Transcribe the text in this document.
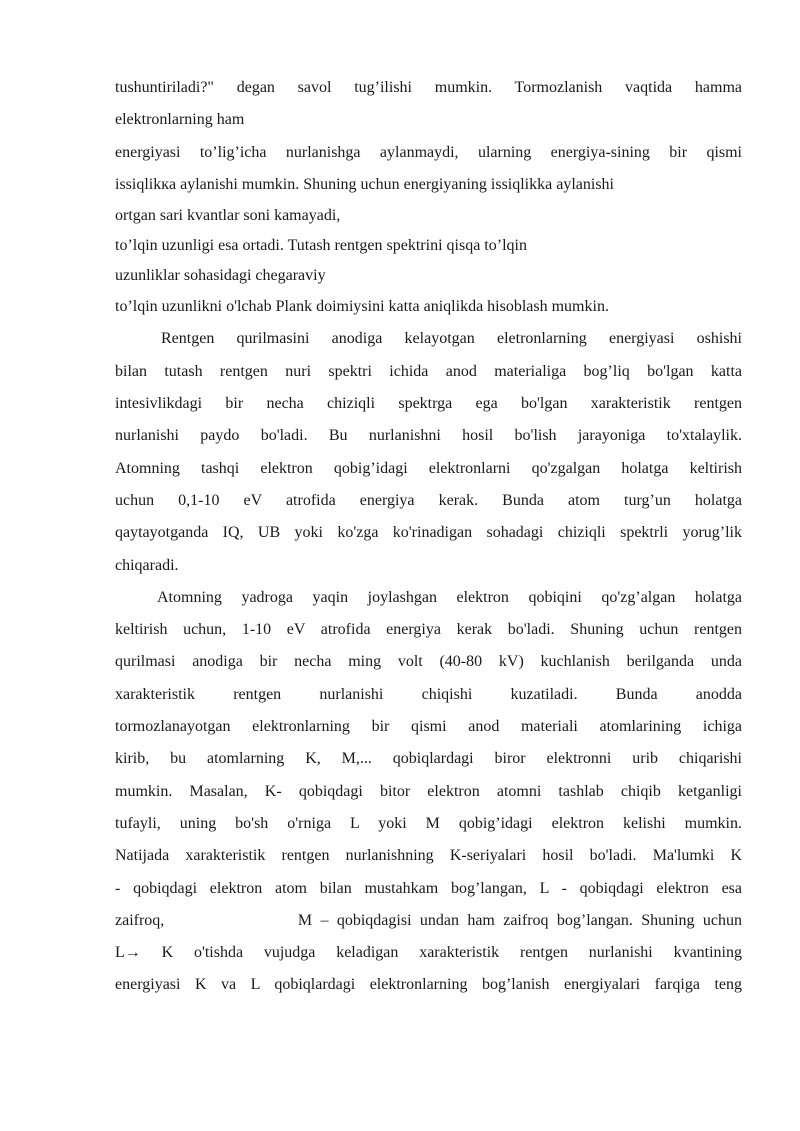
tushuntiriladi?" degan savol tug’ilishi mumkin. Tormozlanish vaqtida hamma
elektronlarning ham
energiyasi to’lig’icha nurlanishga aylanmaydi, ularning energiya-sining bir qismi
issiqlikкa aylanishi mumkin. Shuning uchun energiyaning issiqlikka aylanishi
ortgan sari kvantlar soni kamayadi,
to’lqin uzunligi esa ortadi. Tutash rentgen spektrini qisqa to’lqin
uzunliklar sohasidagi chegaraviy
to’lqin uzunlikni o'lchab Plank doimiysini katta aniqlikda hisoblash mumkin.
Rentgen qurilmasini anodiga kelayotgan eletronlarning energiyasi oshishi
bilan tutash rentgen nuri spektri ichida anod materialiga bog’liq bo'lgan katta
intesivlikdagi bir necha chiziqli spektrga ega bo'lgan xarakteristik rentgen
nurlanishi paydo bo'ladi. Bu nurlanishni hosil bo'lish jarayoniga to'xtalaylik.
Atomning tashqi elektron qobig’idagi elektronlarni qo'zgalgan holatga keltirish
uchun 0,1-10 eV atrofida energiya kerak. Bunda atom turg’un holatga
qaytayotganda IQ, UB yoki ko'zga ko'rinadigan sohadagi chiziqli spektrli yorug’lik
chiqaradi.
Atomning yadroga yaqin joylashgan elektron qobiqini qo'zg’algan holatga
keltirish uchun, 1-10 eV atrofida energiya kerak bo'ladi. Shuning uchun rentgen
qurilmasi anodiga bir necha ming volt (40-80 kV) kuchlanish berilganda unda
xarakteristik rentgen nurlanishi chiqishi kuzatiladi. Bunda anodda
tormozlanayotgan elektronlarning bir qismi anod materiali atomlarining ichiga
kirib, bu atomlarning K, M,... qobiqlardagi biror elektronni urib chiqarishi
mumkin. Masalan, K- qobiqdagi bitor elektron atomni tashlab chiqib ketganligi
tufayli, uning bo'sh o'rniga L yoki M qobig’idagi elektron kelishi mumkin.
Natijada xarakteristik rentgen nurlanishning K-seriyalari hosil bo'ladi. Ma'lumki K
- qobiqdagi elektron atom bilan mustahkam bog’langan, L - qobiqdagi elektron esa
zaifroq,                M – qobiqdagisi undan ham zaifroq bog’langan. Shuning uchun
L→ K o'tishda vujudga keladigan xarakteristik rentgen nurlanishi kvantining
energiyasi K va L qobiqlardagi elektronlarning bog’lanish energiyalari farqiga teng
